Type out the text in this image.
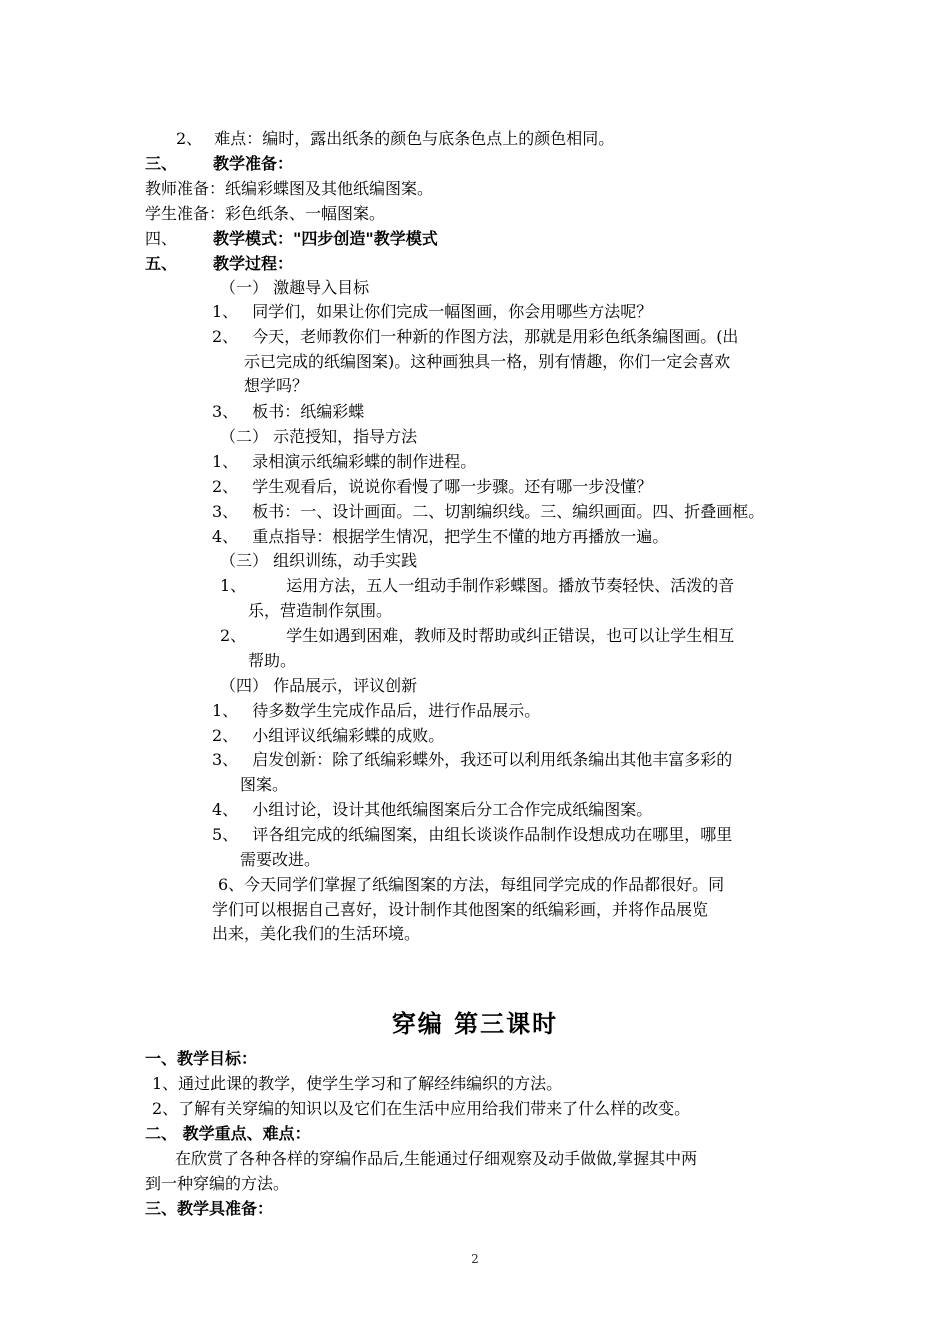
2、 难点：编时，露出纸条的颜色与底条色点上的颜色相同。
三、 教学准备：
教师准备：纸编彩蝶图及其他纸编图案。
学生准备：彩色纸条、一幅图案。
四、 教学模式："四步创造"教学模式
五、 教学过程：
（一） 激趣导入目标
1、 同学们，如果让你们完成一幅图画，你会用哪些方法呢？
2、 今天，老师教你们一种新的作图方法，那就是用彩色纸条编图画。(出
示已完成的纸编图案)。这种画独具一格，别有情趣，你们一定会喜欢
想学吗？
3、 板书：纸编彩蝶
（二） 示范授知，指导方法
1、 录相演示纸编彩蝶的制作进程。
2、 学生观看后，说说你看慢了哪一步骤。还有哪一步没懂？
3、 板书：一、设计画面。二、切割编织线。三、编织画面。四、折叠画框。
4、 重点指导：根据学生情况，把学生不懂的地方再播放一遍。
（三） 组织训练，动手实践
1、	运用方法，五人一组动手制作彩蝶图。播放节奏轻快、活泼的音
乐，营造制作氛围。
2、	学生如遇到困难，教师及时帮助或纠正错误，也可以让学生相互
帮助。
（四） 作品展示，评议创新
1、 待多数学生完成作品后，进行作品展示。
2、 小组评议纸编彩蝶的成败。
3、 启发创新：除了纸编彩蝶外，我还可以利用纸条编出其他丰富多彩的
图案。
4、 小组讨论，设计其他纸编图案后分工合作完成纸编图案。
5、 评各组完成的纸编图案，由组长谈谈作品制作设想成功在哪里，哪里
需要改进。
6、今天同学们掌握了纸编图案的方法，每组同学完成的作品都很好。同
学们可以根据自己喜好，设计制作其他图案的纸编彩画，并将作品展览
出来，美化我们的生活环境。
穿编 第三课时
一、教学目标：
1、通过此课的教学，使学生学习和了解经纬编织的方法。
2、了解有关穿编的知识以及它们在生活中应用给我们带来了什么样的改变。
二、 教学重点、难点：
在欣赏了各种各样的穿编作品后,生能通过仔细观察及动手做做,掌握其中两
到一种穿编的方法。
三、教学具准备：
2
